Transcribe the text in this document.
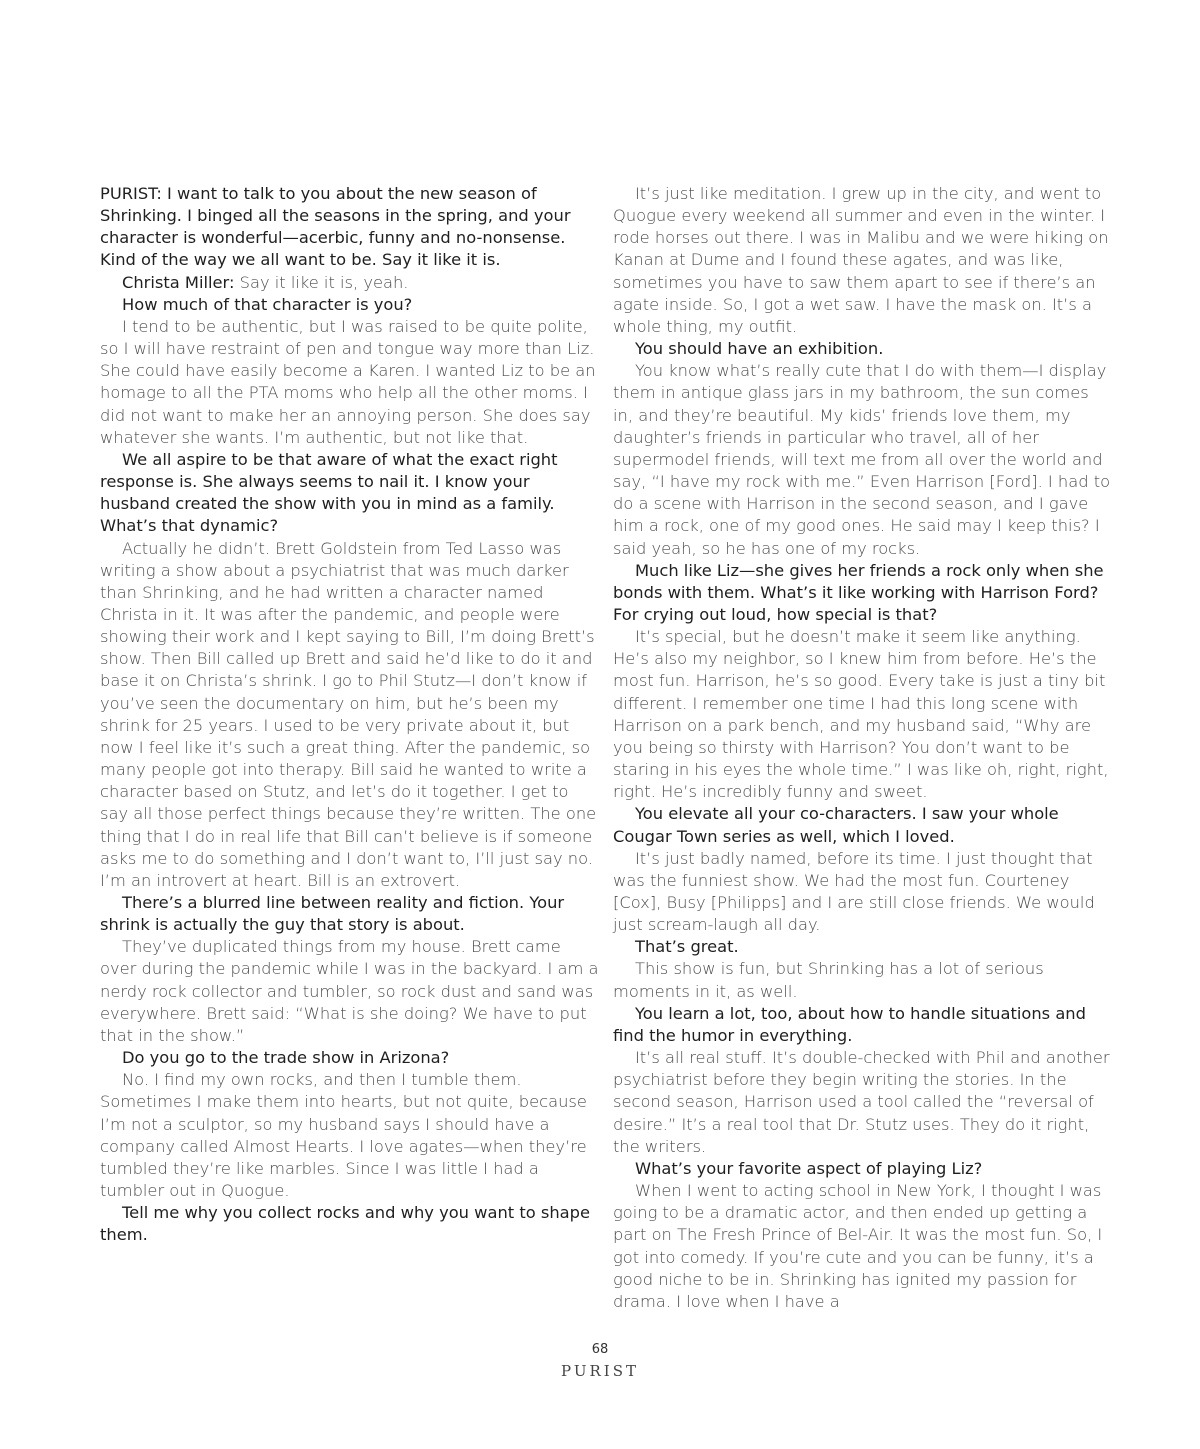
PURIST: I want to talk to you about the new season of Shrinking. I binged all the seasons in the spring, and your character is wonderful—acerbic, funny and no-nonsense. Kind of the way we all want to be. Say it like it is.

Christa Miller: Say it like it is, yeah.

How much of that character is you?

I tend to be authentic, but I was raised to be quite polite, so I will have restraint of pen and tongue way more than Liz. She could have easily become a Karen. I wanted Liz to be an homage to all the PTA moms who help all the other moms. I did not want to make her an annoying person. She does say whatever she wants. I’m authentic, but not like that.

We all aspire to be that aware of what the exact right response is. She always seems to nail it. I know your husband created the show with you in mind as a family. What’s that dynamic?

Actually he didn’t. Brett Goldstein from Ted Lasso was writing a show about a psychiatrist that was much darker than Shrinking, and he had written a character named Christa in it. It was after the pandemic, and people were showing their work and I kept saying to Bill, I’m doing Brett’s show. Then Bill called up Brett and said he’d like to do it and base it on Christa’s shrink. I go to Phil Stutz—I don’t know if you’ve seen the documentary on him, but he’s been my shrink for 25 years. I used to be very private about it, but now I feel like it’s such a great thing. After the pandemic, so many people got into therapy. Bill said he wanted to write a character based on Stutz, and let’s do it together. I get to say all those perfect things because they’re written. The one thing that I do in real life that Bill can’t believe is if someone asks me to do something and I don’t want to, I’ll just say no. I’m an introvert at heart. Bill is an extrovert.

There’s a blurred line between reality and fiction. Your shrink is actually the guy that story is about.

They’ve duplicated things from my house. Brett came over during the pandemic while I was in the backyard. I am a nerdy rock collector and tumbler, so rock dust and sand was everywhere. Brett said: “What is she doing? We have to put that in the show.”

Do you go to the trade show in Arizona?

No. I find my own rocks, and then I tumble them. Sometimes I make them into hearts, but not quite, because I’m not a sculptor, so my husband says I should have a company called Almost Hearts. I love agates—when they’re tumbled they’re like marbles. Since I was little I had a tumbler out in Quogue.

Tell me why you collect rocks and why you want to shape them.

It’s just like meditation. I grew up in the city, and went to Quogue every weekend all summer and even in the winter. I rode horses out there. I was in Malibu and we were hiking on Kanan at Dume and I found these agates, and was like, sometimes you have to saw them apart to see if there’s an agate inside. So, I got a wet saw. I have the mask on. It’s a whole thing, my outfit.

You should have an exhibition.

You know what’s really cute that I do with them—I display them in antique glass jars in my bathroom, the sun comes in, and they’re beautiful. My kids’ friends love them, my daughter’s friends in particular who travel, all of her supermodel friends, will text me from all over the world and say, “I have my rock with me.” Even Harrison [Ford]. I had to do a scene with Harrison in the second season, and I gave him a rock, one of my good ones. He said may I keep this? I said yeah, so he has one of my rocks.

Much like Liz—she gives her friends a rock only when she bonds with them. What’s it like working with Harrison Ford? For crying out loud, how special is that?

It’s special, but he doesn’t make it seem like anything. He’s also my neighbor, so I knew him from before. He’s the most fun. Harrison, he’s so good. Every take is just a tiny bit different. I remember one time I had this long scene with Harrison on a park bench, and my husband said, “Why are you being so thirsty with Harrison? You don’t want to be staring in his eyes the whole time.” I was like oh, right, right, right. He’s incredibly funny and sweet.

You elevate all your co-characters. I saw your whole Cougar Town series as well, which I loved.

It’s just badly named, before its time. I just thought that was the funniest show. We had the most fun. Courteney [Cox], Busy [Philipps] and I are still close friends. We would just scream-laugh all day.

That’s great.

This show is fun, but Shrinking has a lot of serious moments in it, as well.

You learn a lot, too, about how to handle situations and find the humor in everything.

It’s all real stuff. It’s double-checked with Phil and another psychiatrist before they begin writing the stories. In the second season, Harrison used a tool called the “reversal of desire.” It’s a real tool that Dr. Stutz uses. They do it right, the writers.

What’s your favorite aspect of playing Liz?

When I went to acting school in New York, I thought I was going to be a dramatic actor, and then ended up getting a part on The Fresh Prince of Bel-Air. It was the most fun. So, I got into comedy. If you’re cute and you can be funny, it’s a good niche to be in. Shrinking has ignited my passion for drama. I love when I have a

68
PURIST
